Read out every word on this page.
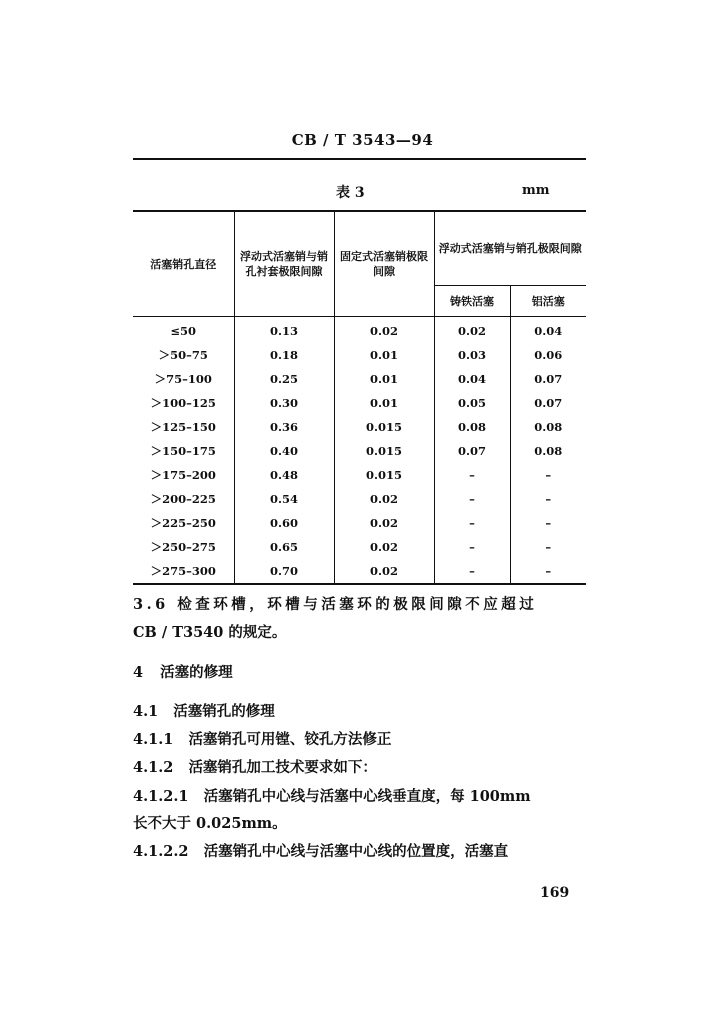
CB / T 3543—94
表 3	mm
活塞销孔直径	浮动式活塞销与销孔衬套极限间隙	固定式活塞销极限间隙	浮动式活塞销与销孔极限间隙	
			铸铁活塞	铝活塞
≤50	0.13	0.02	0.02	0.04
＞50–75	0.18	0.01	0.03	0.06
＞75–100	0.25	0.01	0.04	0.07
＞100–125	0.30	0.01	0.05	0.07
＞125–150	0.36	0.015	0.08	0.08
＞150–175	0.40	0.015	0.07	0.08
＞175–200	0.48	0.015	–	–
＞200–225	0.54	0.02	–	–
＞225–250	0.60	0.02	–	–
＞250–275	0.65	0.02	–	–
＞275–300	0.70	0.02	–	–
3.6 检查环槽，环槽与活塞环的极限间隙不应超过
CB / T3540 的规定。
4 活塞的修理
4.1 活塞销孔的修理
4.1.1 活塞销孔可用镗、铰孔方法修正
4.1.2 活塞销孔加工技术要求如下：
4.1.2.1 活塞销孔中心线与活塞中心线垂直度，每 100mm
长不大于 0.025mm。
4.1.2.2 活塞销孔中心线与活塞中心线的位置度，活塞直
169
